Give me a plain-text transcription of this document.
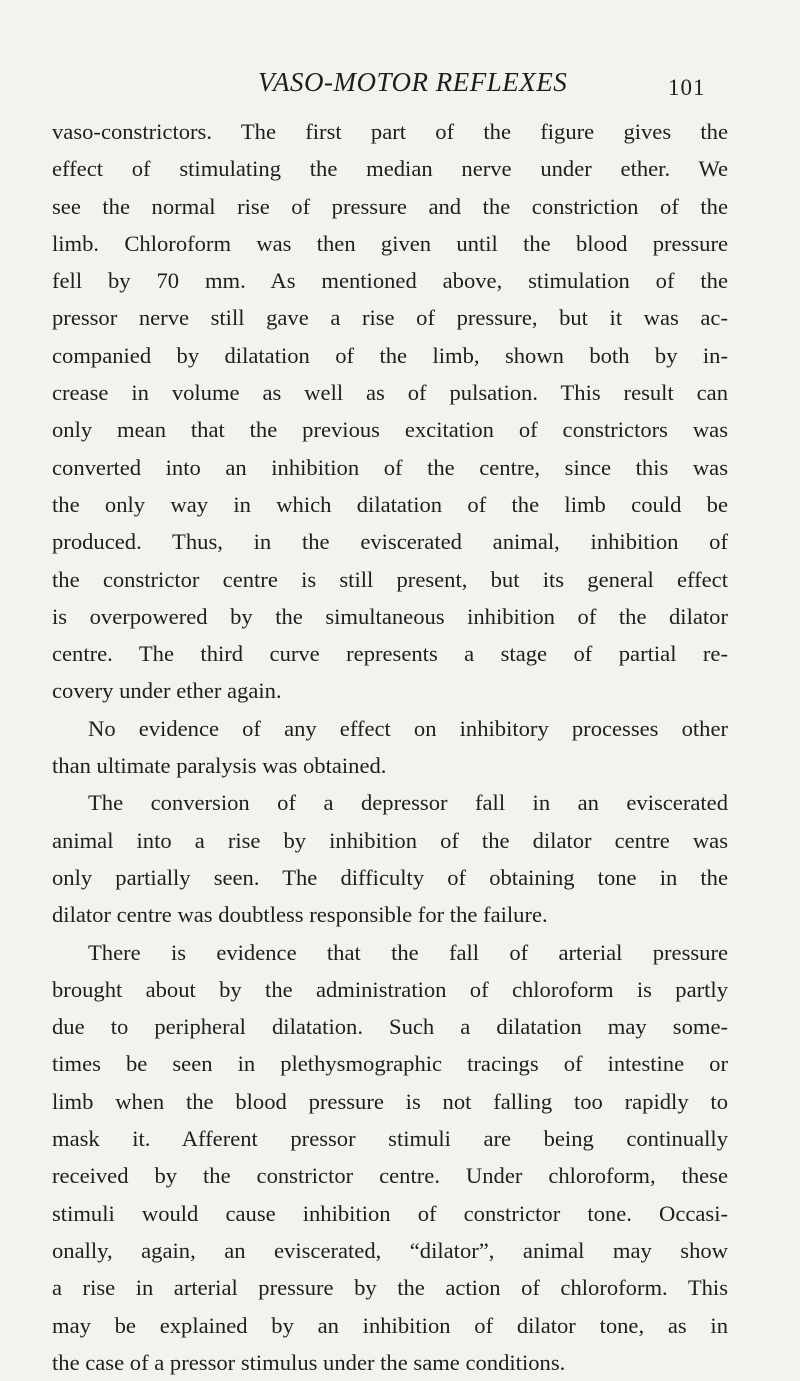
VASO-MOTOR REFLEXES	101
vaso-constrictors. The first part of the figure gives the
effect of stimulating the median nerve under ether. We
see the normal rise of pressure and the constriction of the
limb. Chloroform was then given until the blood pressure
fell by 70 mm. As mentioned above, stimulation of the
pressor nerve still gave a rise of pressure, but it was ac-
companied by dilatation of the limb, shown both by in-
crease in volume as well as of pulsation. This result can
only mean that the previous excitation of constrictors was
converted into an inhibition of the centre, since this was
the only way in which dilatation of the limb could be
produced. Thus, in the eviscerated animal, inhibition of
the constrictor centre is still present, but its general effect
is overpowered by the simultaneous inhibition of the dilator
centre. The third curve represents a stage of partial re-
covery under ether again.
No evidence of any effect on inhibitory processes other
than ultimate paralysis was obtained.
The conversion of a depressor fall in an eviscerated
animal into a rise by inhibition of the dilator centre was
only partially seen. The difficulty of obtaining tone in the
dilator centre was doubtless responsible for the failure.
There is evidence that the fall of arterial pressure
brought about by the administration of chloroform is partly
due to peripheral dilatation. Such a dilatation may some-
times be seen in plethysmographic tracings of intestine or
limb when the blood pressure is not falling too rapidly to
mask it. Afferent pressor stimuli are being continually
received by the constrictor centre. Under chloroform, these
stimuli would cause inhibition of constrictor tone. Occasi-
onally, again, an eviscerated, “dilator”, animal may show
a rise in arterial pressure by the action of chloroform. This
may be explained by an inhibition of dilator tone, as in
the case of a pressor stimulus under the same conditions.
